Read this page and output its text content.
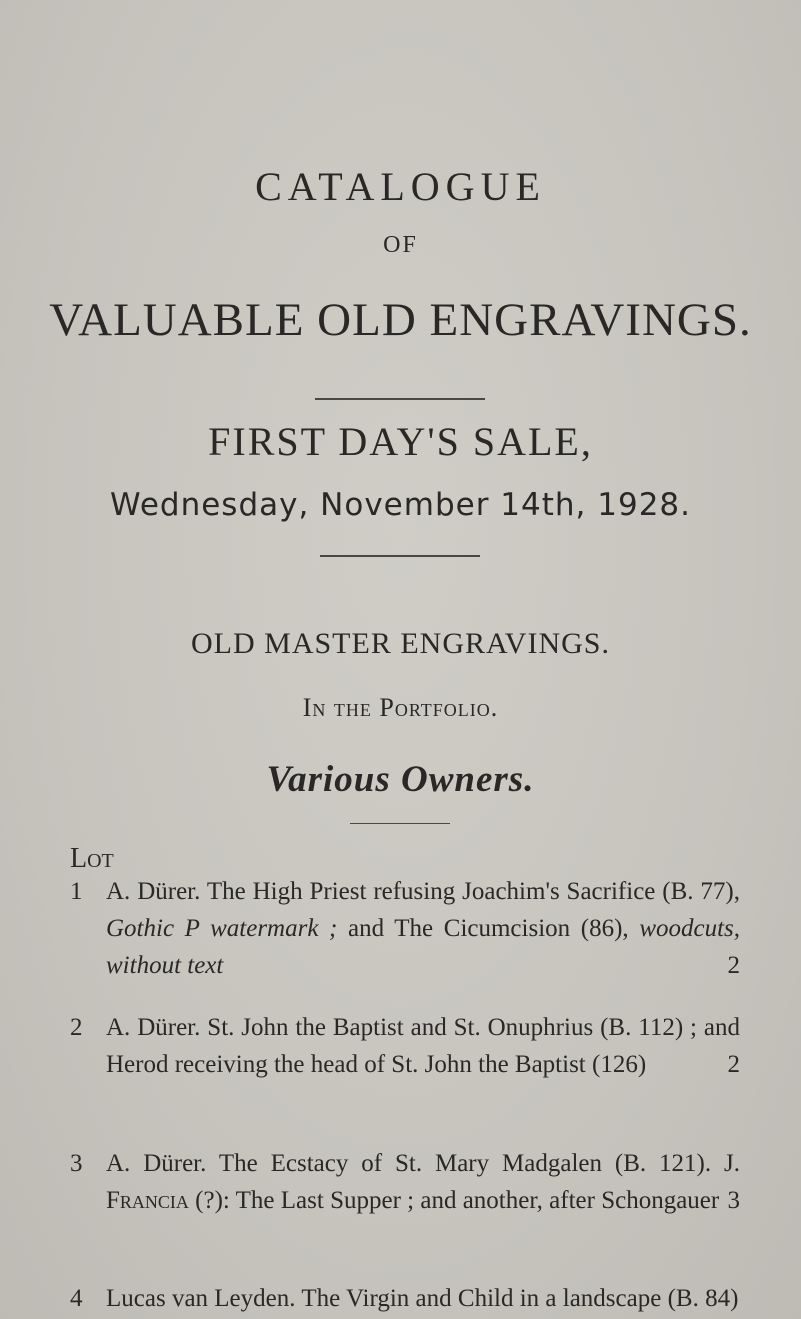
CATALOGUE
OF
VALUABLE OLD ENGRAVINGS.
FIRST DAY'S SALE,
Wednesday, November 14th, 1928.
OLD MASTER ENGRAVINGS.
In the Portfolio.
Various Owners.
Lot
1 A. Dürer. The High Priest refusing Joachim's Sacrifice (B. 77), Gothic P watermark ; and The Cicumcision (86), woodcuts, without text	2
2 A. Dürer. St. John the Baptist and St. Onuphrius (B. 112) ; and Herod receiving the head of St. John the Baptist (126)	2
3 A. Dürer. The Ecstacy of St. Mary Madgalen (B. 121). J. Francia (?): The Last Supper ; and another, after Schongauer 3
4 Lucas van Leyden. The Virgin and Child in a landscape (B. 84)
